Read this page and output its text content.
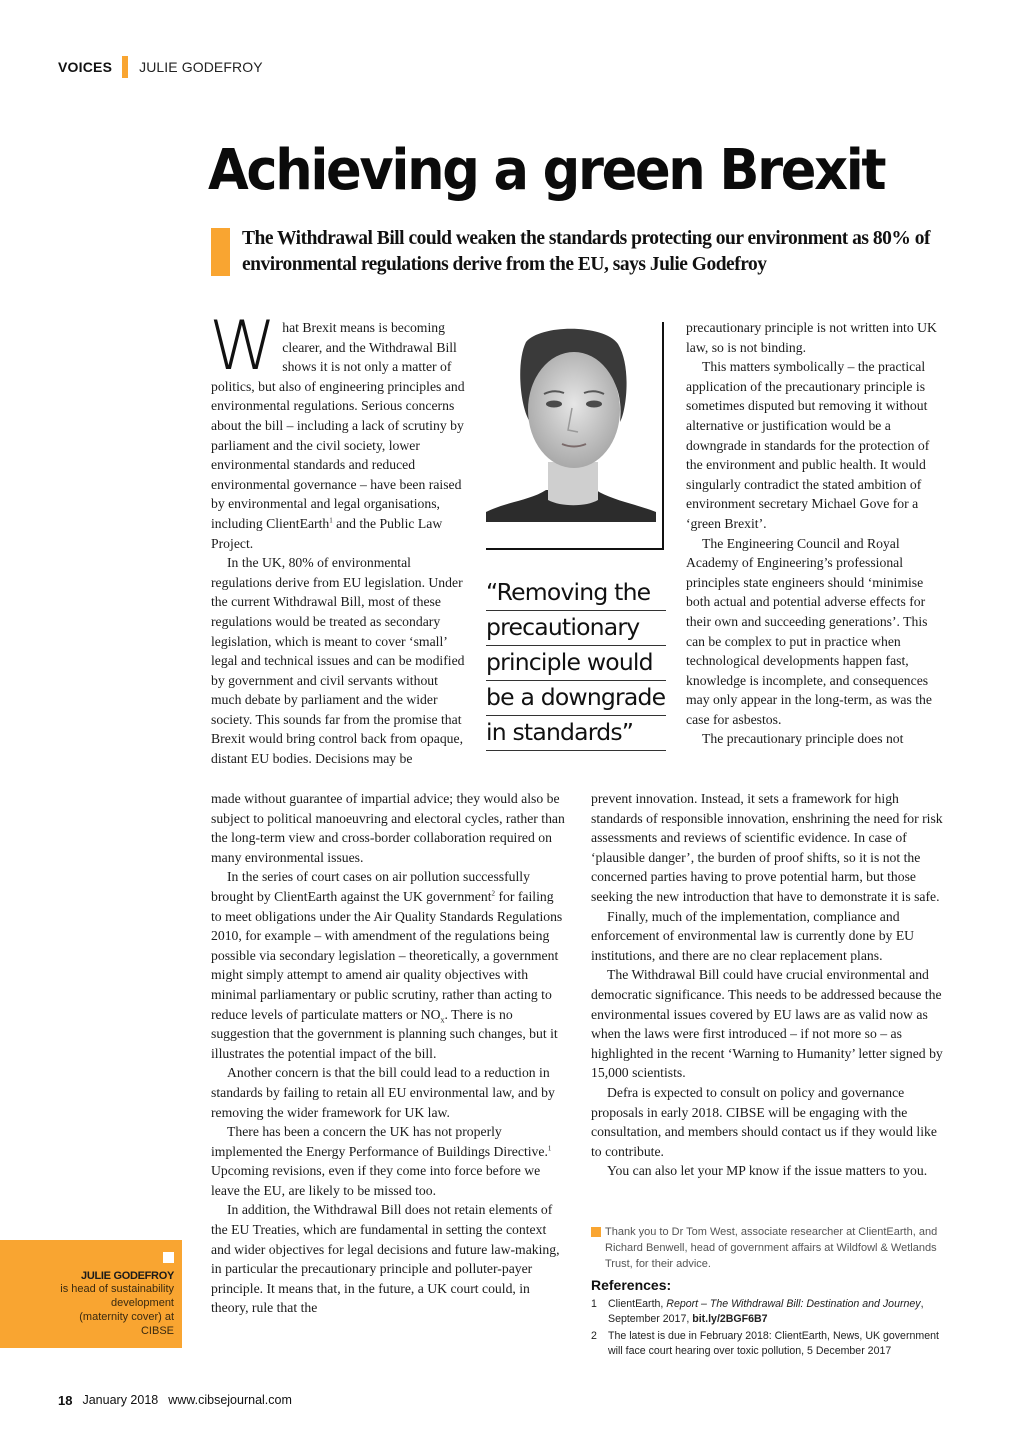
VOICES JULIE GODEFROY
Achieving a green Brexit

The Withdrawal Bill could weaken the standards protecting our environment as 80% of environmental regulations derive from the EU, says Julie Godefroy

What Brexit means is becoming clearer, and the Withdrawal Bill shows it is not only a matter of politics, but also of engineering principles and environmental regulations. Serious concerns about the bill – including a lack of scrutiny by parliament and the civil society, lower environmental standards and reduced environmental governance – have been raised by environmental and legal organisations, including ClientEarth$^1$ and the Public Law Project.

In the UK, 80% of environmental regulations derive from EU legislation. Under the current Withdrawal Bill, most of these regulations would be treated as secondary legislation, which is meant to cover ‘small’ legal and technical issues and can be modified by government and civil servants without much debate by parliament and the wider society. This sounds far from the promise that Brexit would bring control back from opaque, distant EU bodies. Decisions may be

made without guarantee of impartial advice; they would also be subject to political manoeuvring and electoral cycles, rather than the long-term view and cross-border collaboration required on many environmental issues.

In the series of court cases on air pollution successfully brought by ClientEarth against the UK government$^2$ for failing to meet obligations under the Air Quality Standards Regulations 2010, for example – with amendment of the regulations being possible via secondary legislation – theoretically, a government might simply attempt to amend air quality objectives with minimal parliamentary or public scrutiny, rather than acting to reduce levels of particulate matters or $NO_x$. There is no suggestion that the government is planning such changes, but it illustrates the potential impact of the bill.

Another concern is that the bill could lead to a reduction in standards by failing to retain all EU environmental law, and by removing the wider framework for UK law.

There has been a concern the UK has not properly implemented the Energy Performance of Buildings Directive.$^1$ Upcoming revisions, even if they come into force before we leave the EU, are likely to be missed too.

In addition, the Withdrawal Bill does not retain elements of the EU Treaties, which are fundamental in setting the context and wider objectives for legal decisions and future law-making, in particular the precautionary principle and polluter-payer principle. It means that, in the future, a UK court could, in theory, rule that the

“Removing the
precautionary
principle would
be a downgrade
in standards”

precautionary principle is not written into UK law, so is not binding.

This matters symbolically – the practical application of the precautionary principle is sometimes disputed but removing it without alternative or justification would be a downgrade in standards for the protection of the environment and public health. It would singularly contradict the stated ambition of environment secretary Michael Gove for a ‘green Brexit’.

The Engineering Council and Royal Academy of Engineering’s professional principles state engineers should ‘minimise both actual and potential adverse effects for their own and succeeding generations’. This can be complex to put in practice when technological developments happen fast, knowledge is incomplete, and consequences may only appear in the long-term, as was the case for asbestos.

The precautionary principle does not

prevent innovation. Instead, it sets a framework for high standards of responsible innovation, enshrining the need for risk assessments and reviews of scientific evidence. In case of ‘plausible danger’, the burden of proof shifts, so it is not the concerned parties having to prove potential harm, but those seeking the new introduction that have to demonstrate it is safe.

Finally, much of the implementation, compliance and enforcement of environmental law is currently done by EU institutions, and there are no clear replacement plans.

The Withdrawal Bill could have crucial environmental and democratic significance. This needs to be addressed because the environmental issues covered by EU laws are as valid now as when the laws were first introduced – if not more so – as highlighted in the recent ‘Warning to Humanity’ letter signed by 15,000 scientists.

Defra is expected to consult on policy and governance proposals in early 2018. CIBSE will be engaging with the consultation, and members should contact us if they would like to contribute.

You can also let your MP know if the issue matters to you.

Thank you to Dr Tom West, associate researcher at ClientEarth, and Richard Benwell, head of government affairs at Wildfowl & Wetlands Trust, for their advice.
References:
1 ClientEarth, Report – The Withdrawal Bill: Destination and Journey, September 2017, bit.ly/2BGF6B7
2 The latest is due in February 2018: ClientEarth, News, UK government will face court hearing over toxic pollution, 5 December 2017
JULIE GODEFROY
is head of sustainability
development
(maternity cover) at
CIBSE
18 January 2018 www.cibsejournal.com
